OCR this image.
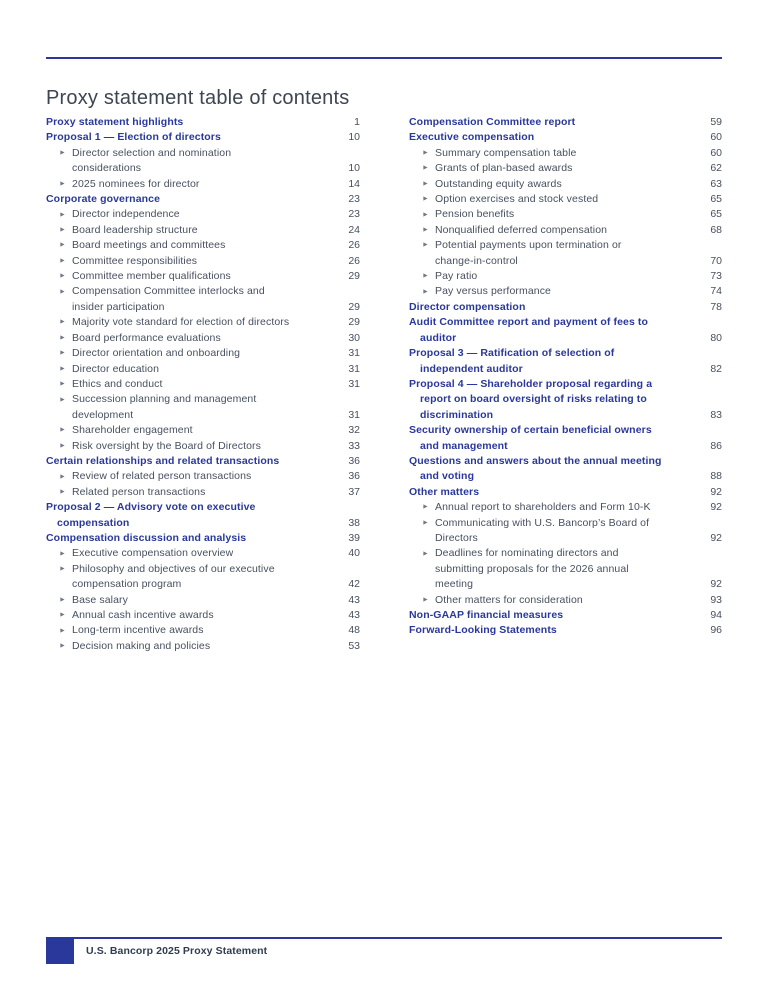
Proxy statement table of contents
Proxy statement highlights	1
Proposal 1 — Election of directors	10
► Director selection and nomination
considerations	10
► 2025 nominees for director	14
Corporate governance	23
► Director independence	23
► Board leadership structure	24
► Board meetings and committees	26
► Committee responsibilities	26
► Committee member qualifications	29
► Compensation Committee interlocks and
insider participation	29
► Majority vote standard for election of directors	29
► Board performance evaluations	30
► Director orientation and onboarding	31
► Director education	31
► Ethics and conduct	31
► Succession planning and management
development	31
► Shareholder engagement	32
► Risk oversight by the Board of Directors	33
Certain relationships and related transactions	36
► Review of related person transactions	36
► Related person transactions	37
Proposal 2 — Advisory vote on executive
compensation	38
Compensation discussion and analysis	39
► Executive compensation overview	40
► Philosophy and objectives of our executive
compensation program	42
► Base salary	43
► Annual cash incentive awards	43
► Long-term incentive awards	48
► Decision making and policies	53
Compensation Committee report	59
Executive compensation	60
► Summary compensation table	60
► Grants of plan-based awards	62
► Outstanding equity awards	63
► Option exercises and stock vested	65
► Pension benefits	65
► Nonqualified deferred compensation	68
► Potential payments upon termination or
change-in-control	70
► Pay ratio	73
► Pay versus performance	74
Director compensation	78
Audit Committee report and payment of fees to
auditor	80
Proposal 3 — Ratification of selection of
independent auditor	82
Proposal 4 — Shareholder proposal regarding a
report on board oversight of risks relating to
discrimination	83
Security ownership of certain beneficial owners
and management	86
Questions and answers about the annual meeting
and voting	88
Other matters	92
► Annual report to shareholders and Form 10-K	92
► Communicating with U.S. Bancorp’s Board of
Directors	92
► Deadlines for nominating directors and
submitting proposals for the 2026 annual
meeting	92
► Other matters for consideration	93
Non-GAAP financial measures	94
Forward-Looking Statements	96
U.S. Bancorp 2025 Proxy Statement
